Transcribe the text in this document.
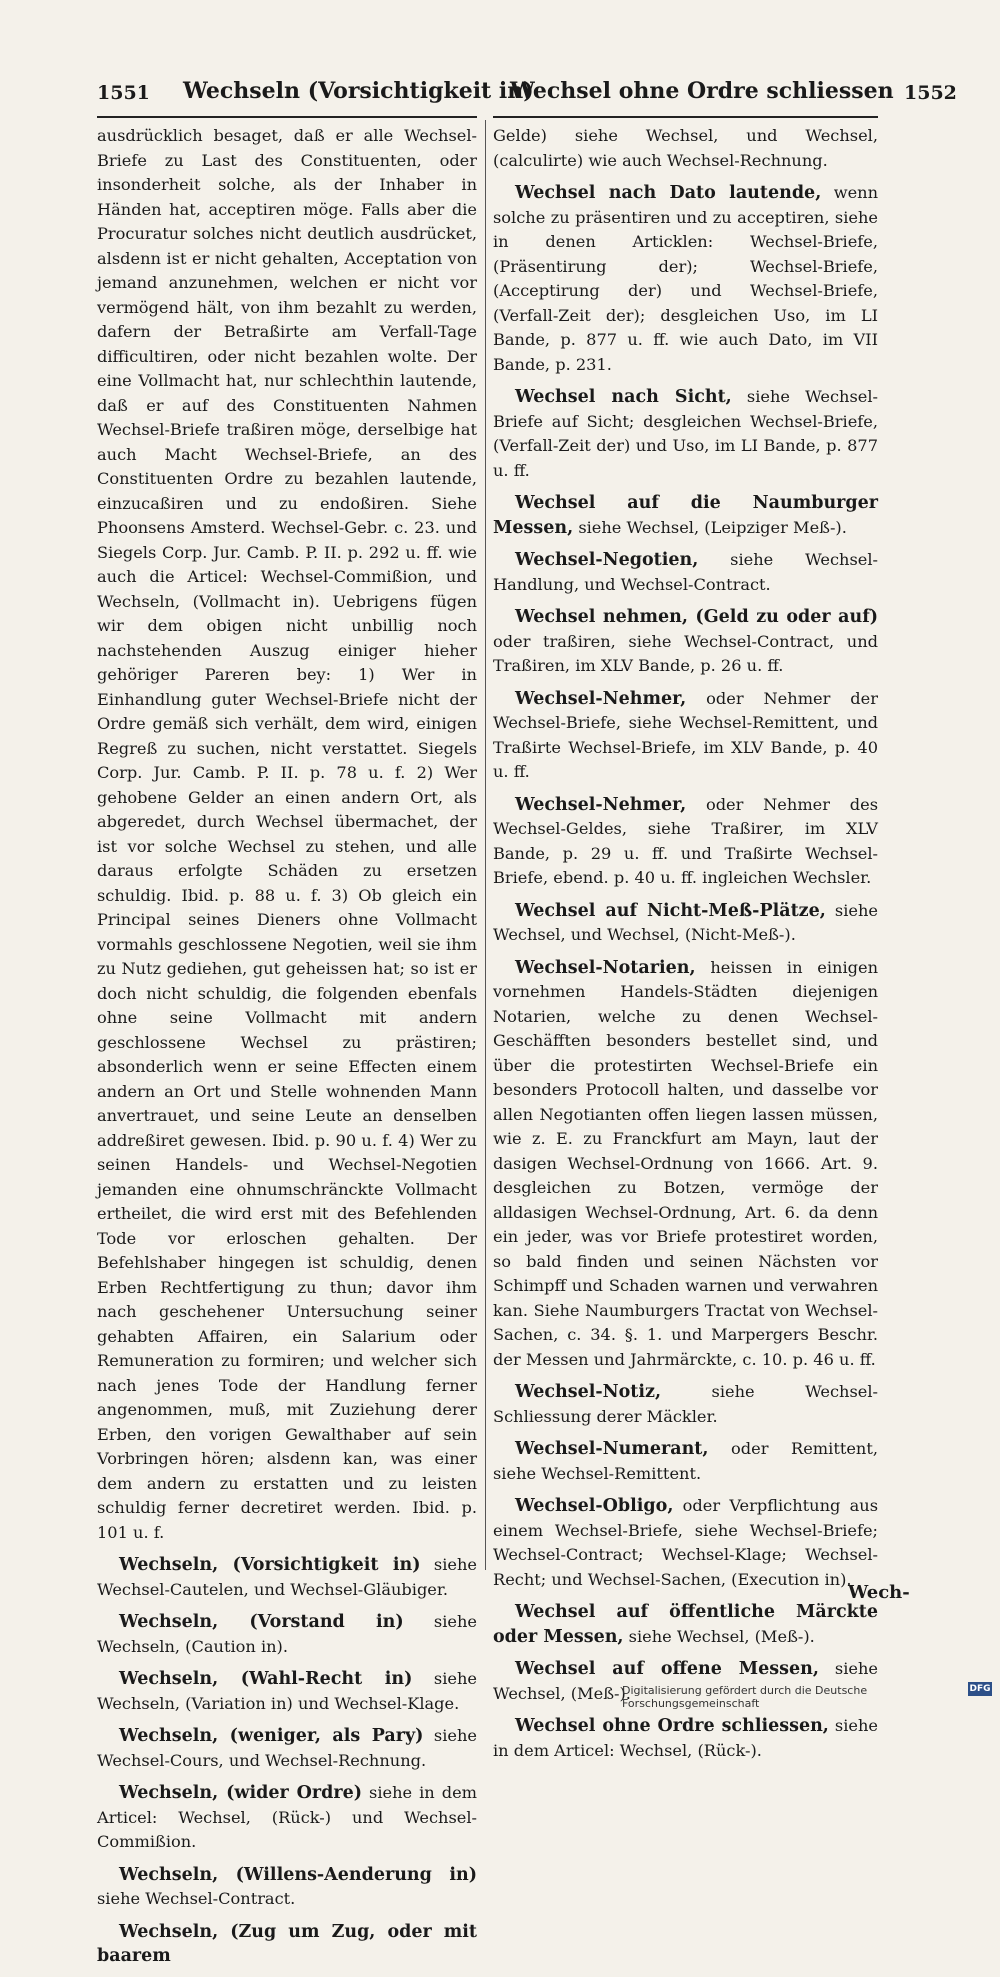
1551 Wechseln (Vorsichtigkeit in)
Wechsel ohne Ordre schliessen 1552

ausdrücklich besaget, daß er alle Wechsel-Briefe zu Last des Constituenten, oder insonderheit solche, als der Inhaber in Händen hat, acceptiren möge. Falls aber die Procuratur solches nicht deutlich ausdrücket, alsdenn ist er nicht gehalten, Acceptation von jemand anzunehmen, welchen er nicht vor vermögend hält, von ihm bezahlt zu werden, dafern der Betraßirte am Verfall-Tage difficultiren, oder nicht bezahlen wolte. Der eine Vollmacht hat, nur schlechthin lautende, daß er auf des Constituenten Nahmen Wechsel-Briefe traßiren möge, derselbige hat auch Macht Wechsel-Briefe, an des Constituenten Ordre zu bezahlen lautende, einzucaßiren und zu endoßiren. Siehe Phoonsens Amsterd. Wechsel-Gebr. c. 23. und Siegels Corp. Jur. Camb. P. II. p. 292 u. ff. wie auch die Articel: Wechsel-Commißion, und Wechseln, (Vollmacht in). Uebrigens fügen wir dem obigen nicht unbillig noch nachstehenden Auszug einiger hieher gehöriger Pareren bey: 1) Wer in Einhandlung guter Wechsel-Briefe nicht der Ordre gemäß sich verhält, dem wird, einigen Regreß zu suchen, nicht verstattet. Siegels Corp. Jur. Camb. P. II. p. 78 u. f. 2) Wer gehobene Gelder an einen andern Ort, als abgeredet, durch Wechsel übermachet, der ist vor solche Wechsel zu stehen, und alle daraus erfolgte Schäden zu ersetzen schuldig. Ibid. p. 88 u. f. 3) Ob gleich ein Principal seines Dieners ohne Vollmacht vormahls geschlossene Negotien, weil sie ihm zu Nutz gediehen, gut geheissen hat; so ist er doch nicht schuldig, die folgenden ebenfals ohne seine Vollmacht mit andern geschlossene Wechsel zu prästiren; absonderlich wenn er seine Effecten einem andern an Ort und Stelle wohnenden Mann anvertrauet, und seine Leute an denselben addreßiret gewesen. Ibid. p. 90 u. f. 4) Wer zu seinen Handels- und Wechsel-Negotien jemanden eine ohnumschränckte Vollmacht ertheilet, die wird erst mit des Befehlenden Tode vor erloschen gehalten. Der Befehlshaber hingegen ist schuldig, denen Erben Rechtfertigung zu thun; davor ihm nach geschehener Untersuchung seiner gehabten Affairen, ein Salarium oder Remuneration zu formiren; und welcher sich nach jenes Tode der Handlung ferner angenommen, muß, mit Zuziehung derer Erben, den vorigen Gewalthaber auf sein Vorbringen hören; alsdenn kan, was einer dem andern zu erstatten und zu leisten schuldig ferner decretiret werden. Ibid. p. 101 u. f.

Wechseln, (Vorsichtigkeit in) siehe Wechsel-Cautelen, und Wechsel-Gläubiger.

Wechseln, (Vorstand in) siehe Wechseln, (Caution in).

Wechseln, (Wahl-Recht in) siehe Wechseln, (Variation in) und Wechsel-Klage.

Wechseln, (weniger, als Pary) siehe Wechsel-Cours, und Wechsel-Rechnung.

Wechseln, (wider Ordre) siehe in dem Articel: Wechsel, (Rück-) und Wechsel-Commißion.

Wechseln, (Willens-Aenderung in) siehe Wechsel-Contract.

Wechseln, (Zug um Zug, oder mit baarem

Gelde) siehe Wechsel, und Wechsel, (calculirte) wie auch Wechsel-Rechnung.

Wechsel nach Dato lautende, wenn solche zu präsentiren und zu acceptiren, siehe in denen Articklen: Wechsel-Briefe, (Präsentirung der); Wechsel-Briefe, (Acceptirung der) und Wechsel-Briefe, (Verfall-Zeit der); desgleichen Uso, im LI Bande, p. 877 u. ff. wie auch Dato, im VII Bande, p. 231.

Wechsel nach Sicht, siehe Wechsel-Briefe auf Sicht; desgleichen Wechsel-Briefe, (Verfall-Zeit der) und Uso, im LI Bande, p. 877 u. ff.

Wechsel auf die Naumburger Messen, siehe Wechsel, (Leipziger Meß-).

Wechsel-Negotien, siehe Wechsel-Handlung, und Wechsel-Contract.

Wechsel nehmen, (Geld zu oder auf) oder traßiren, siehe Wechsel-Contract, und Traßiren, im XLV Bande, p. 26 u. ff.

Wechsel-Nehmer, oder Nehmer der Wechsel-Briefe, siehe Wechsel-Remittent, und Traßirte Wechsel-Briefe, im XLV Bande, p. 40 u. ff.

Wechsel-Nehmer, oder Nehmer des Wechsel-Geldes, siehe Traßirer, im XLV Bande, p. 29 u. ff. und Traßirte Wechsel-Briefe, ebend. p. 40 u. ff. ingleichen Wechsler.

Wechsel auf Nicht-Meß-Plätze, siehe Wechsel, und Wechsel, (Nicht-Meß-).

Wechsel-Notarien, heissen in einigen vornehmen Handels-Städten diejenigen Notarien, welche zu denen Wechsel-Geschäfften besonders bestellet sind, und über die protestirten Wechsel-Briefe ein besonders Protocoll halten, und dasselbe vor allen Negotianten offen liegen lassen müssen, wie z. E. zu Franckfurt am Mayn, laut der dasigen Wechsel-Ordnung von 1666. Art. 9. desgleichen zu Botzen, vermöge der alldasigen Wechsel-Ordnung, Art. 6. da denn ein jeder, was vor Briefe protestiret worden, so bald finden und seinen Nächsten vor Schimpff und Schaden warnen und verwahren kan. Siehe Naumburgers Tractat von Wechsel-Sachen, c. 34. §. 1. und Marpergers Beschr. der Messen und Jahrmärckte, c. 10. p. 46 u. ff.

Wechsel-Notiz, siehe Wechsel-Schliessung derer Mäckler.

Wechsel-Numerant, oder Remittent, siehe Wechsel-Remittent.

Wechsel-Obligo, oder Verpflichtung aus einem Wechsel-Briefe, siehe Wechsel-Briefe; Wechsel-Contract; Wechsel-Klage; Wechsel-Recht; und Wechsel-Sachen, (Execution in).

Wechsel auf öffentliche Märckte oder Messen, siehe Wechsel, (Meß-).

Wechsel auf offene Messen, siehe Wechsel, (Meß-).

Wechsel ohne Ordre schliessen, siehe in dem Articel: Wechsel, (Rück-).

Wech-
Digitalisierung gefördert durch die Deutsche Forschungsgemeinschaft
DFG
